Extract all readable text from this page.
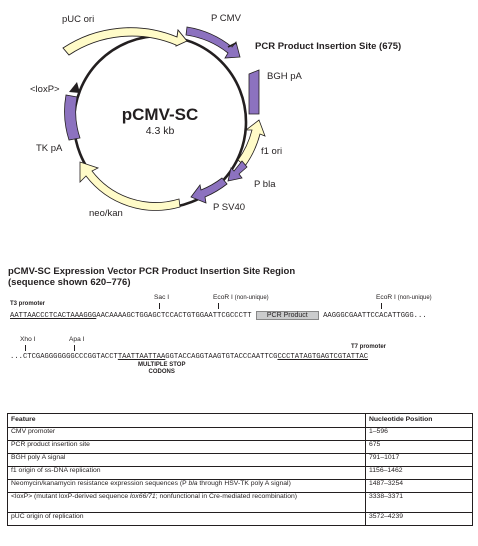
pCMV-SC
4.3 kb
pUC ori	P CMV
PCR Product Insertion Site (675)
BGH pA
f1 ori
P bla
P SV40
neo/kan
TK pA
<loxP>

pCMV-SC Expression Vector PCR Product Insertion Site Region

(sequence shown 620–776)

T3 promoter
Sac I	EcoR I (non-unique)	EcoR I (non-unique)
AATTAACCCTCACTAAAGGGAACAAAAGCTGGAGCTCCACTGTGGAATTCGCCCTT PCR Product AAGGGCGAATTCCACATTGGG...
Xho I	Apa I
T7 promoter
...CTCGAGGGGGGGCCCGGTACCTTAATTAATTAAGGTACCAGGTAAGTGTACCCAATTCGCCCTATAGTGAGTCGTATTAC
MULTIPLE STOP
CODONS
Feature	Nucleotide Position
CMV promoter	1–596
PCR product insertion site	675
BGH poly A signal	791–1017
f1 origin of ss-DNA replication	1156–1462
Neomycin/kanamycin resistance expression sequences (P bla through HSV-TK poly A signal)	1487–3254
<loxP> (mutant loxP-derived sequence lox66/71; nonfunctional in Cre-mediated recombination)	3338–3371
pUC origin of replication	3572–4239
